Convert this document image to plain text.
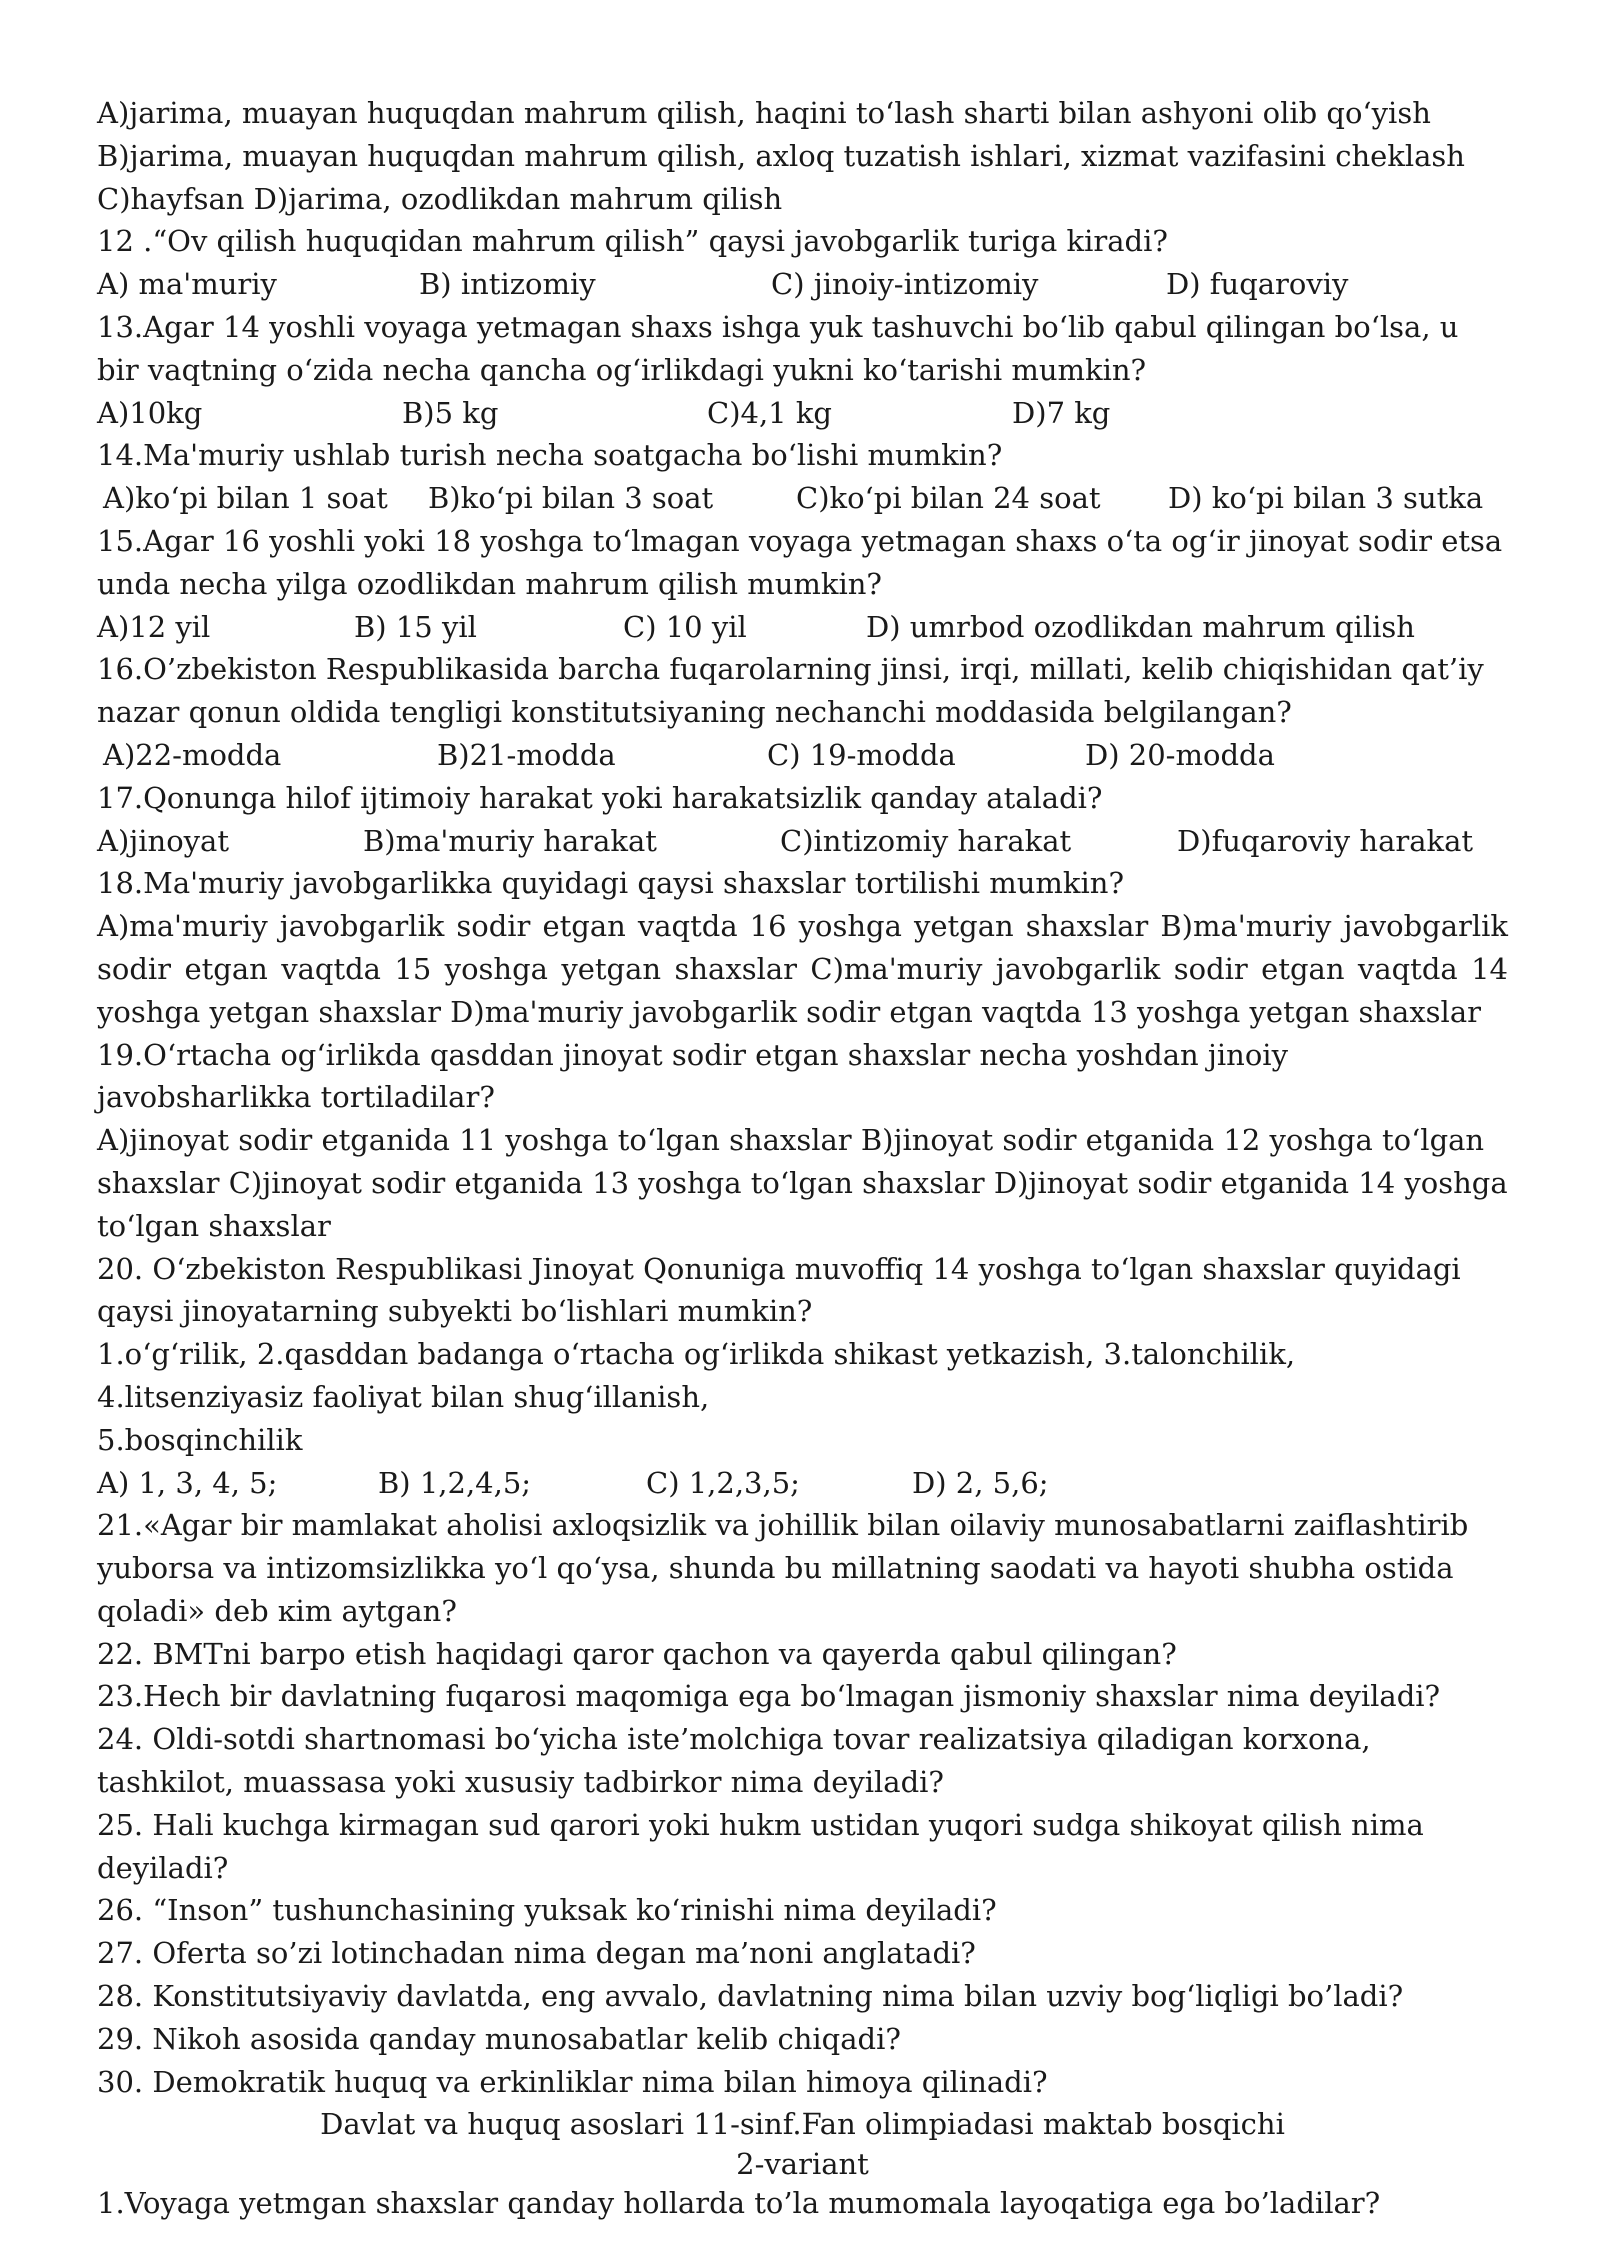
A)jarima, muayan huquqdan mahrum qilish, haqini to‘lash sharti bilan ashyoni olib qo‘yish B)jarima, muayan huquqdan mahrum qilish, axloq tuzatish ishlari, xizmat vazifasini cheklash C)hayfsan D)jarima, ozodlikdan mahrum qilish

12 .“Ov qilish huquqidan mahrum qilish” qaysi javobgarlik turiga kiradi?

A) ma'muriy	B) intizomiy	C) jinoiy-intizomiy	D) fuqaroviy

13.Agar 14 yoshli voyaga yetmagan shaxs ishga yuk tashuvchi bo‘lib qabul qilingan bo‘lsa, u bir vaqtning o‘zida necha qancha og‘irlikdagi yukni ko‘tarishi mumkin?

A)10kg	B)5 kg	C)4,1 kg	D)7 kg

14.Ma'muriy ushlab turish necha soatgacha bo‘lishi mumkin?

A)ko‘pi bilan 1 soat	B)ko‘pi bilan 3 soat	C)ko‘pi bilan 24 soat	D) ko‘pi bilan 3 sutka

15.Agar 16 yoshli yoki 18 yoshga to‘lmagan voyaga yetmagan shaxs o‘ta og‘ir jinoyat sodir etsa unda necha yilga ozodlikdan mahrum qilish mumkin?

A)12 yil	B) 15 yil	C) 10 yil	D) umrbod ozodlikdan mahrum qilish

16.O’zbekiston Respublikasida barcha fuqarolarning jinsi, irqi, millati, kelib chiqishidan qat’iy nazar qonun oldida tengligi konstitutsiyaning nechanchi moddasida belgilangan?

A)22-modda	B)21-modda	C) 19-modda	D) 20-modda

17.Qonunga hilof ijtimoiy harakat yoki harakatsizlik qanday ataladi?

A)jinoyat	B)ma'muriy harakat	C)intizomiy harakat	D)fuqaroviy harakat

18.Ma'muriy javobgarlikka quyidagi qaysi shaxslar tortilishi mumkin?

A)ma'muriy javobgarlik sodir etgan vaqtda 16 yoshga yetgan shaxslar B)ma'muriy javobgarlik sodir etgan vaqtda 15 yoshga yetgan shaxslar C)ma'muriy javobgarlik sodir etgan vaqtda 14 yoshga yetgan shaxslar D)ma'muriy javobgarlik sodir etgan vaqtda 13 yoshga yetgan shaxslar

19.O‘rtacha og‘irlikda qasddan jinoyat sodir etgan shaxslar necha yoshdan jinoiy javobsharlikka tortiladilar?

A)jinoyat sodir etganida 11 yoshga to‘lgan shaxslar B)jinoyat sodir etganida 12 yoshga to‘lgan shaxslar C)jinoyat sodir etganida 13 yoshga to‘lgan shaxslar D)jinoyat sodir etganida 14 yoshga to‘lgan shaxslar

20. O‘zbekiston Respublikasi Jinoyat Qonuniga muvoffiq 14 yoshga to‘lgan shaxslar quyidagi qaysi jinoyatarning subyekti bo‘lishlari mumkin?

1.o‘g‘rilik, 2.qasddan badanga o‘rtacha og‘irlikda shikast yetkazish, 3.talonchilik, 4.litsenziyasiz faoliyat bilan shug‘illanish,

5.bosqinchilik

A) 1, 3, 4, 5;	B) 1,2,4,5;	C) 1,2,3,5;	D) 2, 5,6;

21.«Agar bir mamlakat aholisi axloqsizlik va johillik bilan oilaviy munosabatlarni zaiflashtirib yuborsa va intizomsizlikka yo‘l qo‘ysa, shunda bu millatning saodati va hayoti shubha ostida qoladi» deb ĸim aytgan?

22. BMTni barpo etish haqidagi qaror qachon va qayerda qabul qilingan?

23.Hech bir davlatning fuqarosi maqomiga ega bo‘lmagan jismoniy shaxslar nima deyiladi?

24. Oldi-sotdi shartnomasi bo‘yicha iste’molchiga tovar realizatsiya qiladigan korxona, tashkilot, muassasa yoki xususiy tadbirkor nima deyiladi?

25. Hali kuchga kirmagan sud qarori yoki hukm ustidan yuqori sudga shikoyat qilish nima deyiladi?

26. “Inson” tushunchasining yuksak ko‘rinishi nima deyiladi?

27. Oferta so’zi lotinchadan nima degan ma’noni anglatadi?

28. Konstitutsiyaviy davlatda, eng avvalo, davlatning nima bilan uzviy bog‘liqligi bo’ladi?

29. Nikoh asosida qanday munosabatlar kelib chiqadi?

30. Demokratik huquq va erkinliklar nima bilan himoya qilinadi?

Davlat va huquq asoslari 11-sinf.Fan olimpiadasi maktab bosqichi

2-variant

1.Voyaga yetmgan shaxslar qanday hollarda to’la mumomala layoqatiga ega bo’ladilar?
